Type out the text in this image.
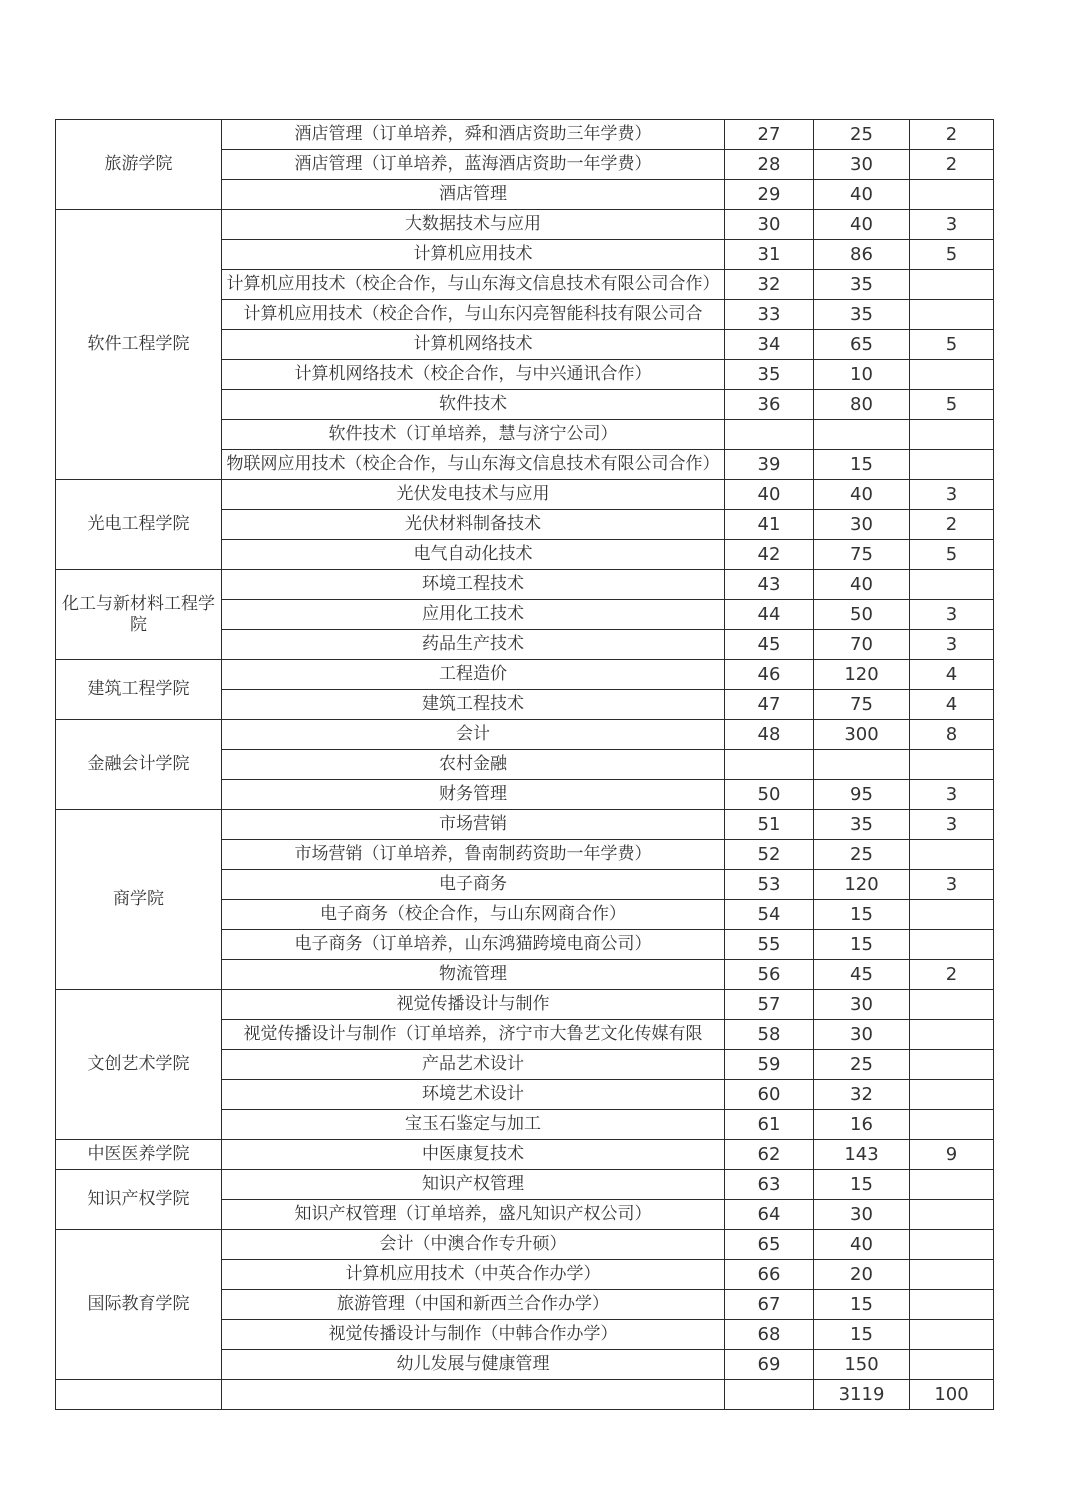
旅游学院	酒店管理（订单培养，舜和酒店资助三年学费）	27	25	2
	酒店管理（订单培养，蓝海酒店资助一年学费）	28	30	2
	酒店管理	29	40	
软件工程学院	大数据技术与应用	30	40	3
	计算机应用技术	31	86	5
	计算机应用技术（校企合作，与山东海文信息技术有限公司合作）	32	35	
	计算机应用技术（校企合作，与山东闪亮智能科技有限公司合	33	35	
	计算机网络技术	34	65	5
	计算机网络技术（校企合作，与中兴通讯合作）	35	10	
	软件技术	36	80	5
	软件技术（订单培养，慧与济宁公司）			
	物联网应用技术（校企合作，与山东海文信息技术有限公司合作）	39	15	
光电工程学院	光伏发电技术与应用	40	40	3
	光伏材料制备技术	41	30	2
	电气自动化技术	42	75	5
化工与新材料工程学院	环境工程技术	43	40	
	应用化工技术	44	50	3
	药品生产技术	45	70	3
建筑工程学院	工程造价	46	120	4
	建筑工程技术	47	75	4
金融会计学院	会计	48	300	8
	农村金融			
	财务管理	50	95	3
商学院	市场营销	51	35	3
	市场营销（订单培养，鲁南制药资助一年学费）	52	25	
	电子商务	53	120	3
	电子商务（校企合作，与山东网商合作）	54	15	
	电子商务（订单培养，山东鸿猫跨境电商公司）	55	15	
	物流管理	56	45	2
文创艺术学院	视觉传播设计与制作	57	30	
	视觉传播设计与制作（订单培养，济宁市大鲁艺文化传媒有限	58	30	
	产品艺术设计	59	25	
	环境艺术设计	60	32	
	宝玉石鉴定与加工	61	16	
中医医养学院	中医康复技术	62	143	9
知识产权学院	知识产权管理	63	15	
	知识产权管理（订单培养，盛凡知识产权公司）	64	30	
国际教育学院	会计（中澳合作专升硕）	65	40	
	计算机应用技术（中英合作办学）	66	20	
	旅游管理（中国和新西兰合作办学）	67	15	
	视觉传播设计与制作（中韩合作办学）	68	15	
	幼儿发展与健康管理	69	150	
			3119	100
